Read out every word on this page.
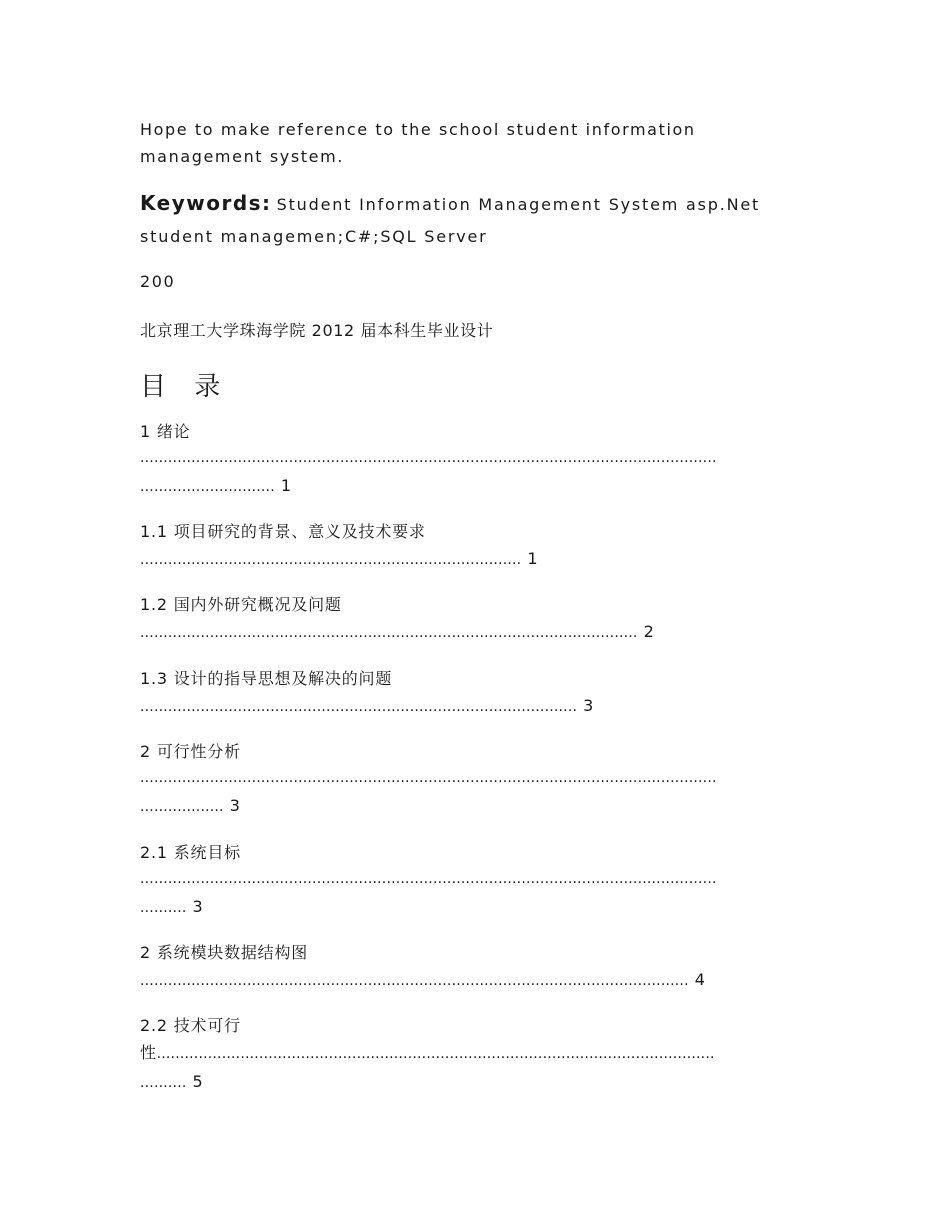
Hope to make reference to the school student information management system.
Keywords: Student Information Management System asp.Net student managemen;C#;SQL Server
200
北京理工大学珠海学院 2012 届本科生毕业设计
目 录
1 绪论
............................................................................................................................
............................. 1
1.1 项目研究的背景、意义及技术要求
.................................................................................. 1
1.2 国内外研究概况及问题
........................................................................................................... 2
1.3 设计的指导思想及解决的问题
.............................................................................................. 3
2 可行性分析
............................................................................................................................
.................. 3
2.1 系统目标
............................................................................................................................
.......... 3
2 系统模块数据结构图
...................................................................................................................... 4
2.2 技术可行
性........................................................................................................................
.......... 5
